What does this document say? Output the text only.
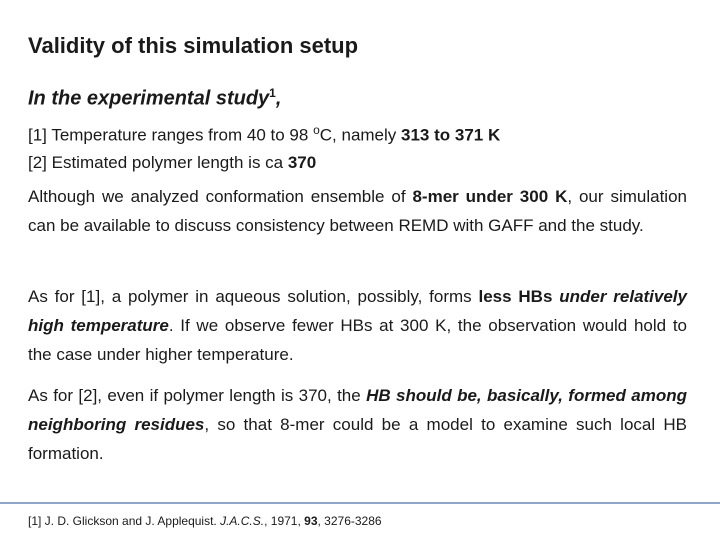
Validity of this simulation setup
In the experimental study$^1$,
[1] Temperature ranges from 40 to 98 $^o$C, namely 313 to 371 K
[2] Estimated polymer length is ca 370
Although we analyzed conformation ensemble of 8-mer under 300 K, our simulation can be available to discuss consistency between REMD with GAFF and the study.
As for [1], a polymer in aqueous solution, possibly, forms less HBs under relatively high temperature. If we observe fewer HBs at 300 K, the observation would hold to the case under higher temperature.
As for [2], even if polymer length is 370, the HB should be, basically, formed among neighboring residues, so that 8-mer could be a model to examine such local HB formation.
[1] J. D. Glickson and J. Applequist. J.A.C.S., 1971, 93, 3276-3286
